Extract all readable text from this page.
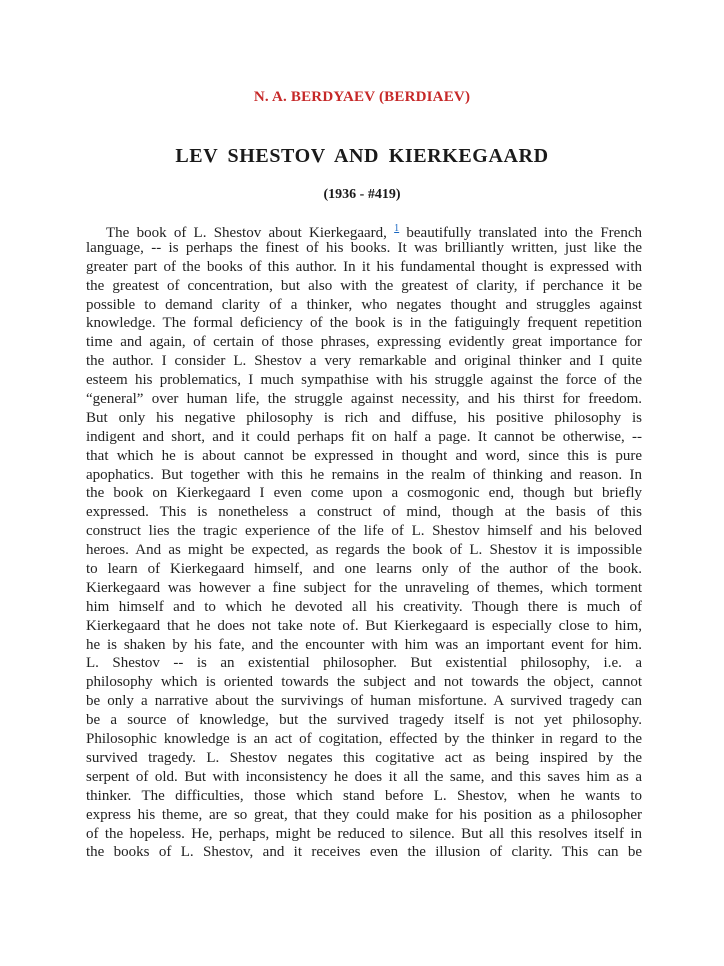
N. A. BERDYAEV (BERDIAEV)
LEV SHESTOV AND KIERKEGAARD
(1936 - #419)
The book of L. Shestov about Kierkegaard, $^1$ beautifully translated into the French
language, -- is perhaps the finest of his books. It was brilliantly written, just like the
greater part of the books of this author. In it his fundamental thought is expressed with
the greatest of concentration, but also with the greatest of clarity, if perchance it be
possible to demand clarity of a thinker, who negates thought and struggles against
knowledge. The formal deficiency of the book is in the fatiguingly frequent repetition
time and again, of certain of those phrases, expressing evidently great importance for
the author. I consider L. Shestov a very remarkable and original thinker and I quite
esteem his problematics, I much sympathise with his struggle against the force of the
“general” over human life, the struggle against necessity, and his thirst for freedom.
But only his negative philosophy is rich and diffuse, his positive philosophy is
indigent and short, and it could perhaps fit on half a page. It cannot be otherwise, --
that which he is about cannot be expressed in thought and word, since this is pure
apophatics. But together with this he remains in the realm of thinking and reason. In
the book on Kierkegaard I even come upon a cosmogonic end, though but briefly
expressed. This is nonetheless a construct of mind, though at the basis of this
construct lies the tragic experience of the life of L. Shestov himself and his beloved
heroes. And as might be expected, as regards the book of L. Shestov it is impossible
to learn of Kierkegaard himself, and one learns only of the author of the book.
Kierkegaard was however a fine subject for the unraveling of themes, which torment
him himself and to which he devoted all his creativity. Though there is much of
Kierkegaard that he does not take note of. But Kierkegaard is especially close to him,
he is shaken by his fate, and the encounter with him was an important event for him.
L. Shestov -- is an existential philosopher. But existential philosophy, i.e. a
philosophy which is oriented towards the subject and not towards the object, cannot
be only a narrative about the survivings of human misfortune. A survived tragedy can
be a source of knowledge, but the survived tragedy itself is not yet philosophy.
Philosophic knowledge is an act of cogitation, effected by the thinker in regard to the
survived tragedy. L. Shestov negates this cogitative act as being inspired by the
serpent of old. But with inconsistency he does it all the same, and this saves him as a
thinker. The difficulties, those which stand before L. Shestov, when he wants to
express his theme, are so great, that they could make for his position as a philosopher
of the hopeless. He, perhaps, might be reduced to silence. But all this resolves itself in
the books of L. Shestov, and it receives even the illusion of clarity. This can be
